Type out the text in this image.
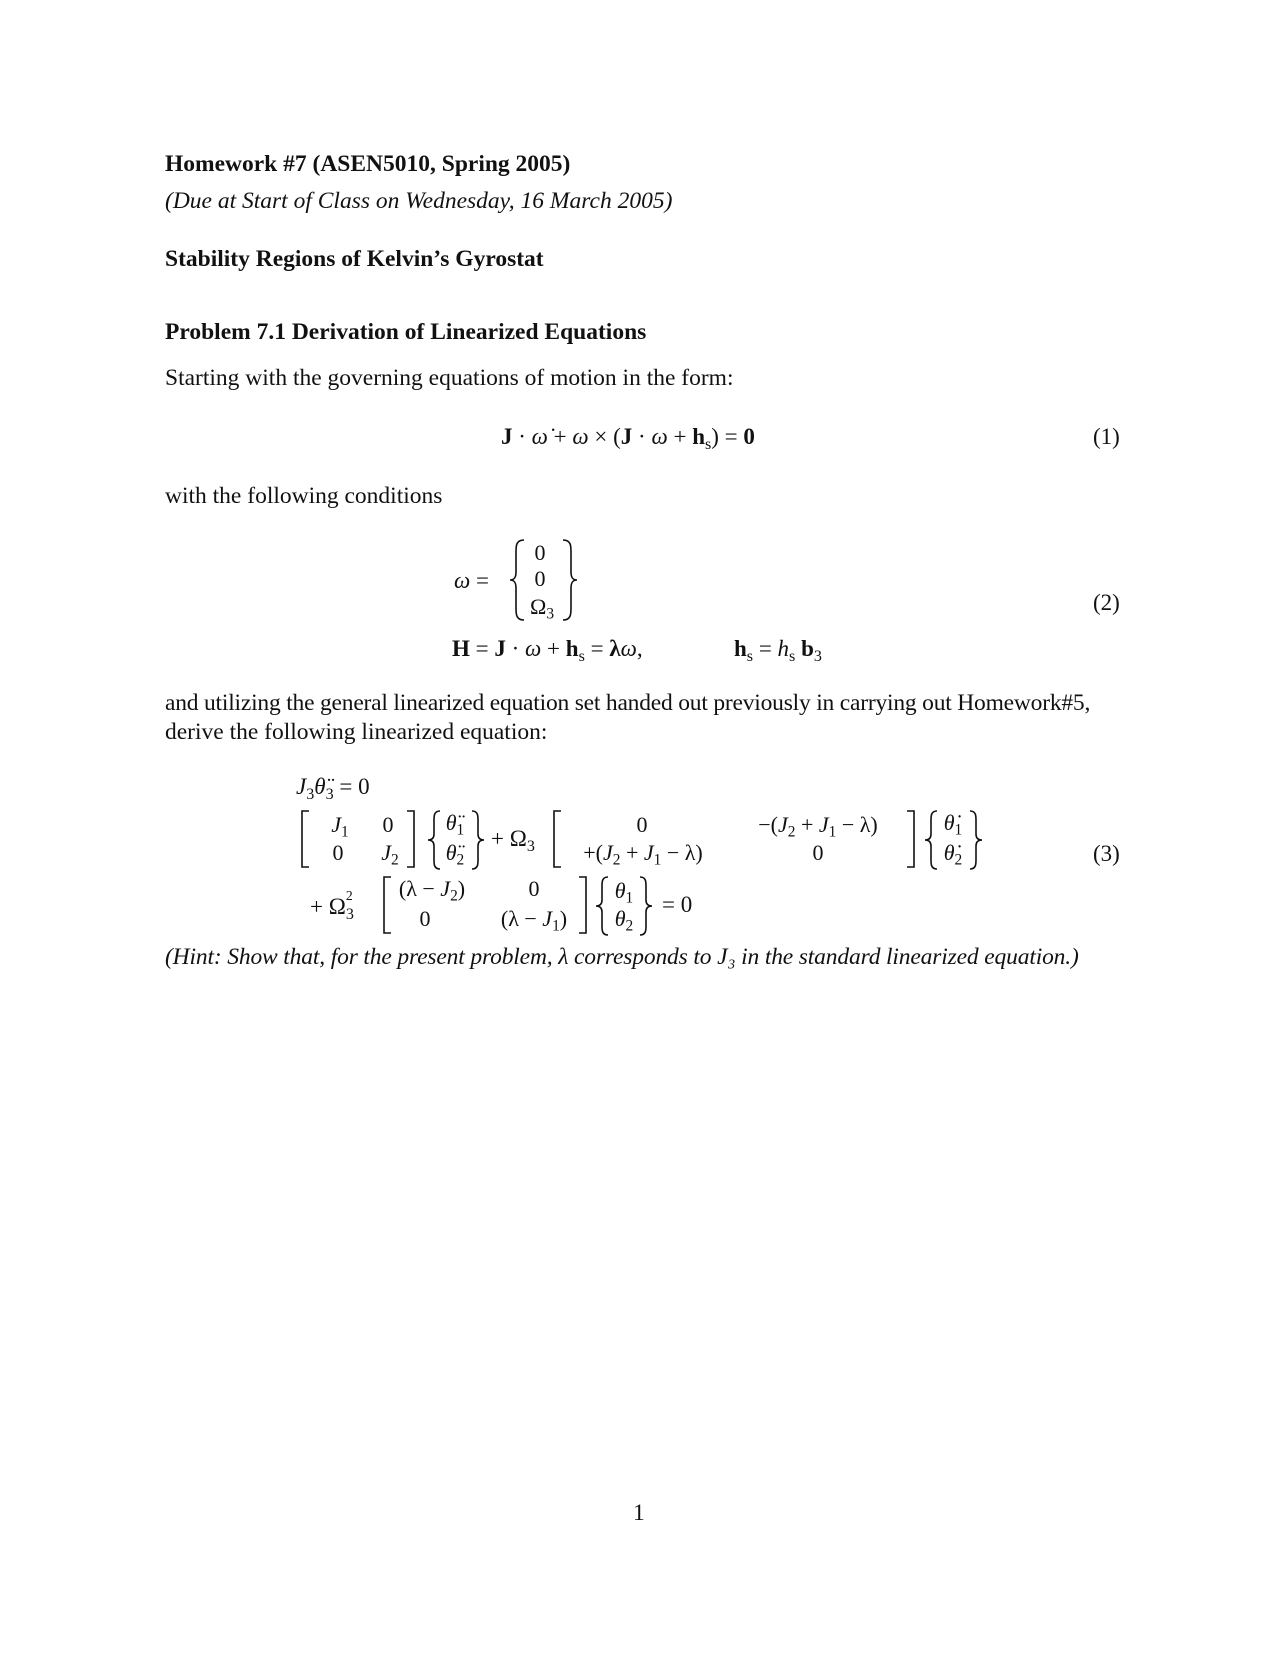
Homework #7 (ASEN5010, Spring 2005)
(Due at Start of Class on Wednesday, 16 March 2005)
Stability Regions of Kelvin’s Gyrostat
Problem 7.1 Derivation of Linearized Equations
Starting with the governing equations of motion in the form:
J · ω̇ + $\omega \times (J \cdot \omega + h_s) = 0$	(1)
with the following conditions
ω =
0
0
$\Omega_3$
$H = J \cdot \omega + h_s = \lambda\omega$,	$h_s = h_s$ $b_3$
(2)
and utilizing the general linearized equation set handed out previously in carrying out Homework#5,
derive the following linearized equation:
$J_3\thetä_3 = 0$
$J_1$ 0
0 $J_2$
$\thetä_1$
$\thetä_2$
+ $\Omega_3$
0	$-(J_2 + J_1 - \lambda)$
$+(J_2 + J_1 - \lambda)$	0
$\thetȧ_1$
$\thetȧ_2$
+ Ω $_{2 3}$
$(\lambda - J_2)$	0
0	$(\lambda - J_1)$
$\theta_1$
$\theta_2$
= 0
(3)
(Hint: Show that, for the present problem, λ corresponds to J₃ in the standard linearized equation.)
1
